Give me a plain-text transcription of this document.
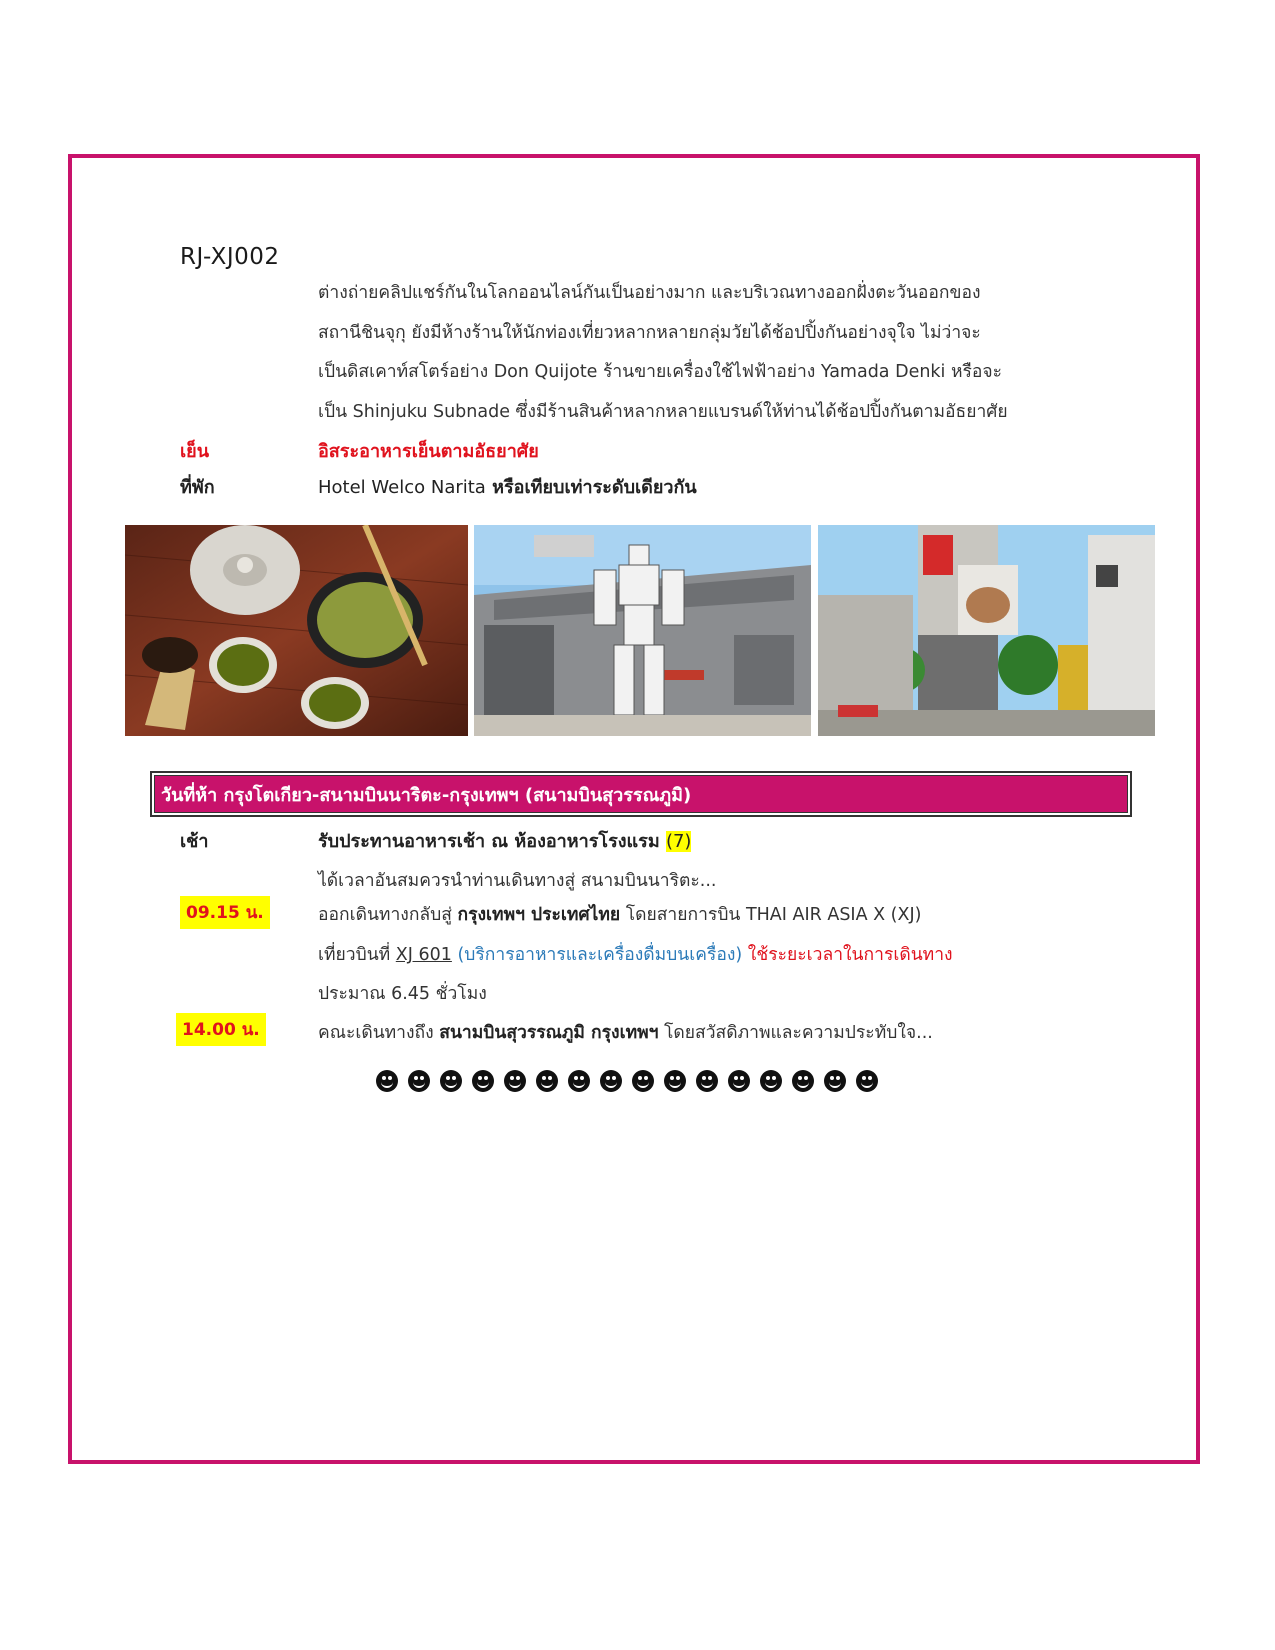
RJ-XJ002
ต่างถ่ายคลิปแชร์กันในโลกออนไลน์กันเป็นอย่างมาก และบริเวณทางออกฝั่งตะวันออกของ
สถานีชินจุกุ ยังมีห้างร้านให้นักท่องเที่ยวหลากหลายกลุ่มวัยได้ช้อปปิ้งกันอย่างจุใจ ไม่ว่าจะ
เป็นดิสเคาท์สโตร์อย่าง Don Quijote ร้านขายเครื่องใช้ไฟฟ้าอย่าง Yamada Denki หรือจะ
เป็น Shinjuku Subnade ซึ่งมีร้านสินค้าหลากหลายแบรนด์ให้ท่านได้ช้อปปิ้งกันตามอัธยาศัย
เย็น	อิสระอาหารเย็นตามอัธยาศัย
ที่พัก	Hotel Welco Narita หรือเทียบเท่าระดับเดียวกัน
วันที่ห้า กรุงโตเกียว-สนามบินนาริตะ-กรุงเทพฯ (สนามบินสุวรรณภูมิ)
เช้า	รับประทานอาหารเช้า ณ ห้องอาหารโรงแรม (7)
ได้เวลาอันสมควรนำท่านเดินทางสู่ สนามบินนาริตะ...
09.15 น.	ออกเดินทางกลับสู่ กรุงเทพฯ ประเทศไทย โดยสายการบิน THAI AIR ASIA X (XJ)
เที่ยวบินที่ XJ 601 (บริการอาหารและเครื่องดื่มบนเครื่อง) ใช้ระยะเวลาในการเดินทาง
ประมาณ 6.45 ชั่วโมง
14.00 น.	คณะเดินทางถึง สนามบินสุวรรณภูมิ กรุงเทพฯ โดยสวัสดิภาพและความประทับใจ...
